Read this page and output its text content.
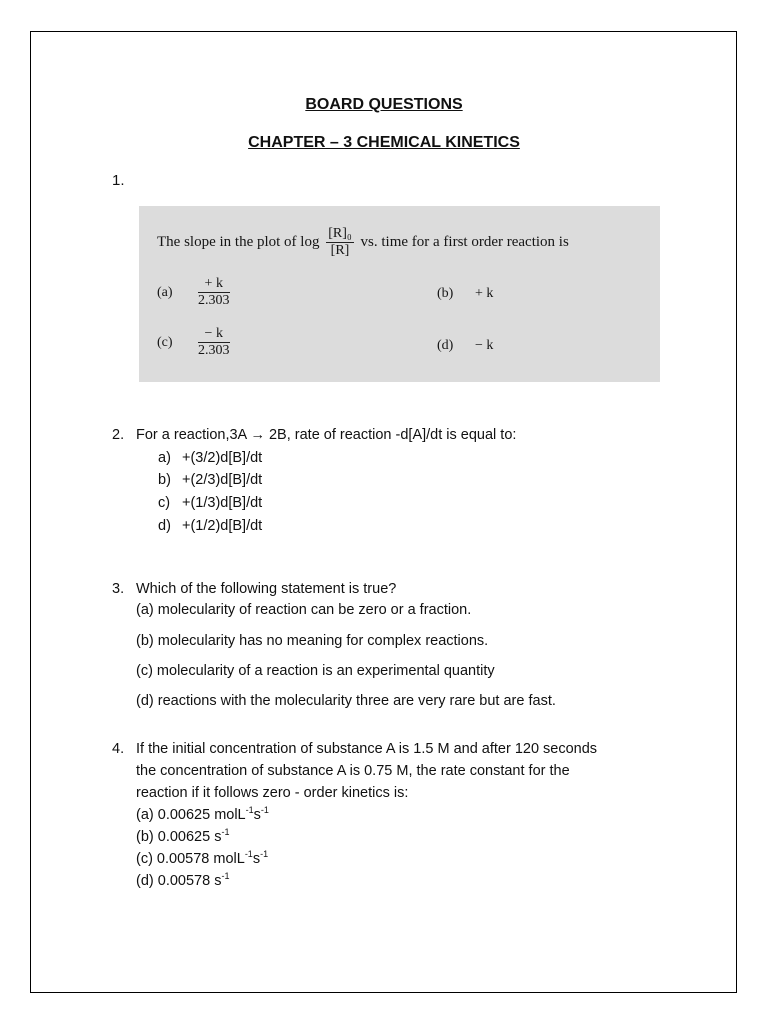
BOARD QUESTIONS
CHAPTER – 3 CHEMICAL KINETICS
1.
The slope in the plot of $\log \frac{\text{[R]₀}}{[R]}$ vs. time for a first order reaction is
$(a) \frac{+ k}{2.303}$	(b) + k
$(c) \frac{- k}{2.303}$	(d) − k
2. For a reaction,3A → 2B, rate of reaction -d[A]/dt is equal to:
a) +(3/2)d[B]/dt
b) +(2/3)d[B]/dt
c) +(1/3)d[B]/dt
d) +(1/2)d[B]/dt
3. Which of the following statement is true?
(a) molecularity of reaction can be zero or a fraction.
(b) molecularity has no meaning for complex reactions.
(c) molecularity of a reaction is an experimental quantity
(d) reactions with the molecularity three are very rare but are fast.
4. If the initial concentration of substance A is 1.5 M and after 120 seconds
the concentration of substance A is 0.75 M, the rate constant for the
reaction if it follows zero - order kinetics is:
(a) 0.00625 $molL^{-1}s^{-1}$
(b) 0.00625 $s^{-1}$
(c) 0.00578 $molL^{-1}s^{-1}$
(d) 0.00578 $s^{-1}$
